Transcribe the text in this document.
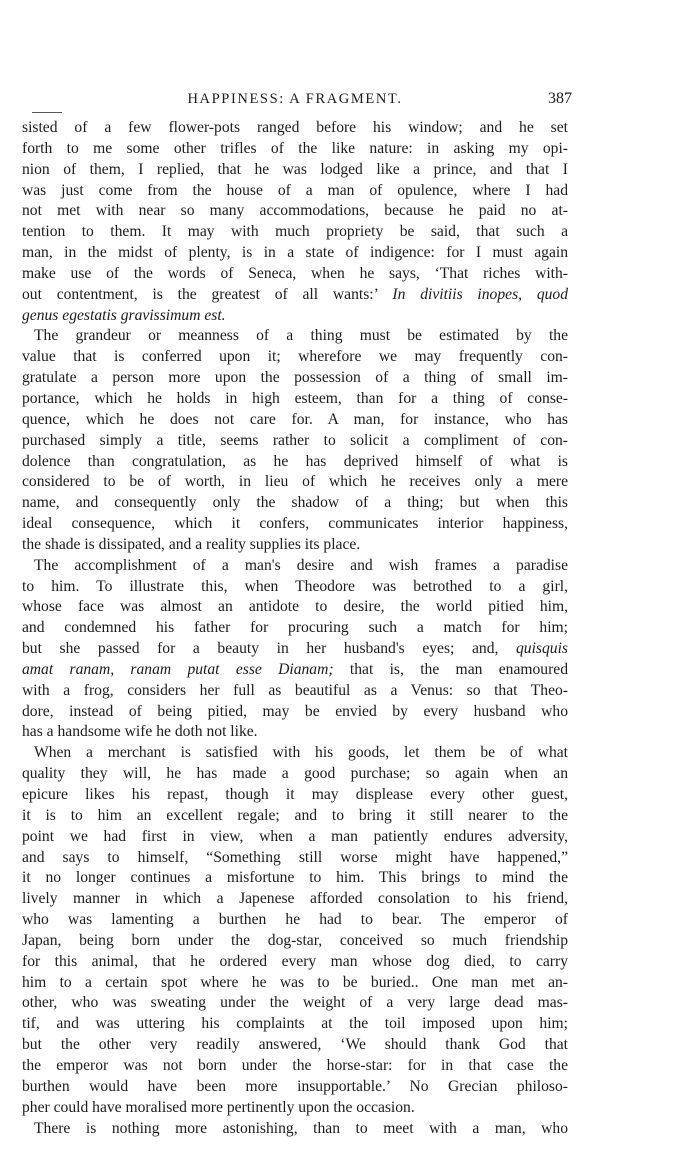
HAPPINESS: A FRAGMENT.	387
sisted of a few flower-pots ranged before his window; and he set
forth to me some other trifles of the like nature: in asking my opi-
nion of them, I replied, that he was lodged like a prince, and that I
was just come from the house of a man of opulence, where I had
not met with near so many accommodations, because he paid no at-
tention to them. It may with much propriety be said, that such a
man, in the midst of plenty, is in a state of indigence: for I must again
make use of the words of Seneca, when he says, ‘That riches with-
out contentment, is the greatest of all wants:’ In divitiis inopes, quod
genus egestatis gravissimum est.
The grandeur or meanness of a thing must be estimated by the
value that is conferred upon it; wherefore we may frequently con-
gratulate a person more upon the possession of a thing of small im-
portance, which he holds in high esteem, than for a thing of conse-
quence, which he does not care for. A man, for instance, who has
purchased simply a title, seems rather to solicit a compliment of con-
dolence than congratulation, as he has deprived himself of what is
considered to be of worth, in lieu of which he receives only a mere
name, and consequently only the shadow of a thing; but when this
ideal consequence, which it confers, communicates interior happiness,
the shade is dissipated, and a reality supplies its place.
The accomplishment of a man's desire and wish frames a paradise
to him. To illustrate this, when Theodore was betrothed to a girl,
whose face was almost an antidote to desire, the world pitied him,
and condemned his father for procuring such a match for him;
but she passed for a beauty in her husband's eyes; and, quisquis
amat ranam, ranam putat esse Dianam; that is, the man enamoured
with a frog, considers her full as beautiful as a Venus: so that Theo-
dore, instead of being pitied, may be envied by every husband who
has a handsome wife he doth not like.
When a merchant is satisfied with his goods, let them be of what
quality they will, he has made a good purchase; so again when an
epicure likes his repast, though it may displease every other guest,
it is to him an excellent regale; and to bring it still nearer to the
point we had first in view, when a man patiently endures adversity,
and says to himself, “Something still worse might have happened,”
it no longer continues a misfortune to him. This brings to mind the
lively manner in which a Japenese afforded consolation to his friend,
who was lamenting a burthen he had to bear. The emperor of
Japan, being born under the dog-star, conceived so much friendship
for this animal, that he ordered every man whose dog died, to carry
him to a certain spot where he was to be buried.. One man met an-
other, who was sweating under the weight of a very large dead mas-
tif, and was uttering his complaints at the toil imposed upon him;
but the other very readily answered, ‘We should thank God that
the emperor was not born under the horse-star: for in that case the
burthen would have been more insupportable.’ No Grecian philoso-
pher could have moralised more pertinently upon the occasion.
There is nothing more astonishing, than to meet with a man, who
